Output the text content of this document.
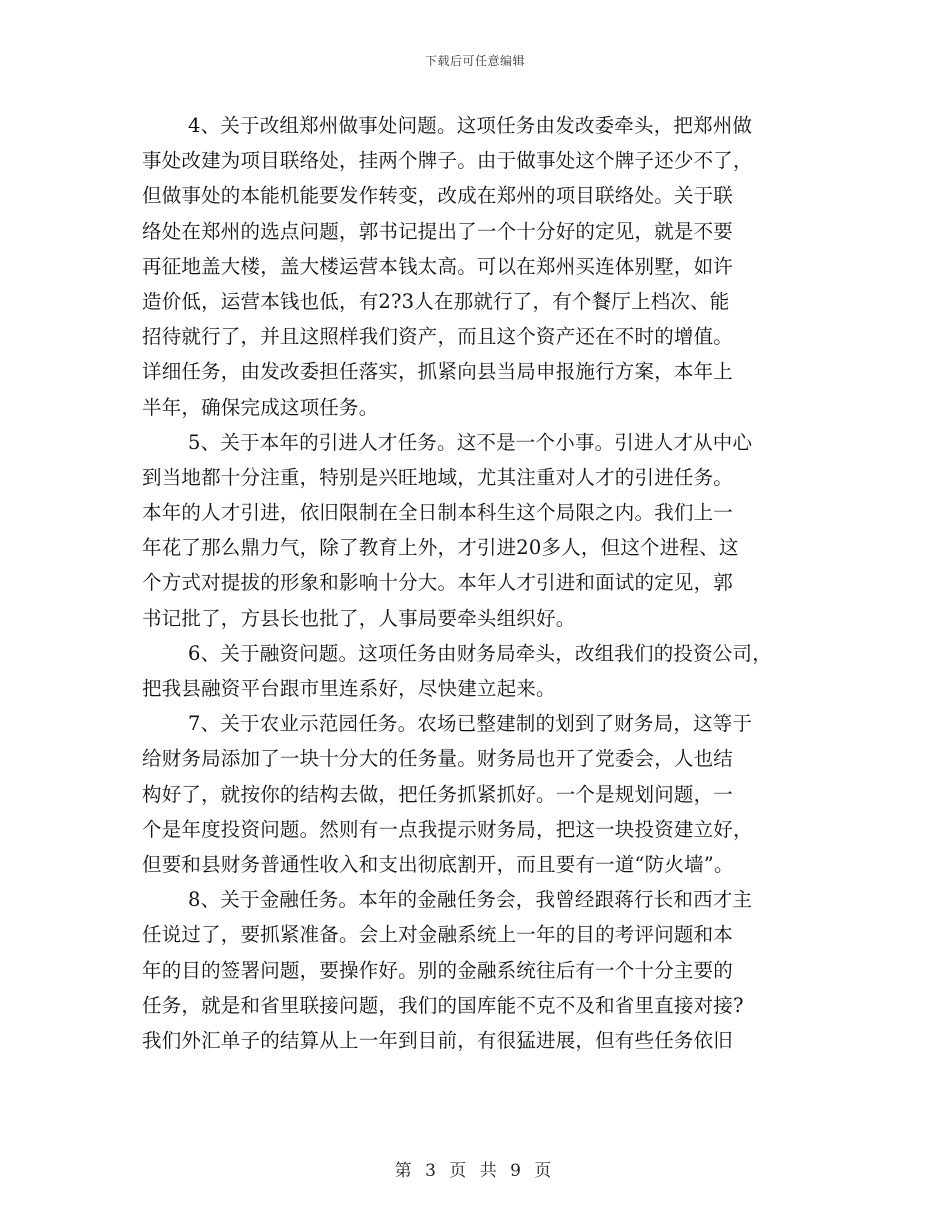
下载后可任意编辑

4、关于改组郑州做事处问题。这项任务由发改委牵头，把郑州做
事处改建为项目联络处，挂两个牌子。由于做事处这个牌子还少不了，
但做事处的本能机能要发作转变，改成在郑州的项目联络处。关于联
络处在郑州的选点问题，郭书记提出了一个十分好的定见，就是不要
再征地盖大楼，盖大楼运营本钱太高。可以在郑州买连体别墅，如许
造价低，运营本钱也低，有2?3人在那就行了，有个餐厅上档次、能
招待就行了，并且这照样我们资产，而且这个资产还在不时的增值。
详细任务，由发改委担任落实，抓紧向县当局申报施行方案，本年上
半年，确保完成这项任务。

5、关于本年的引进人才任务。这不是一个小事。引进人才从中心
到当地都十分注重，特别是兴旺地域，尤其注重对人才的引进任务。
本年的人才引进，依旧限制在全日制本科生这个局限之内。我们上一
年花了那么鼎力气，除了教育上外，才引进20多人，但这个进程、这
个方式对提拔的形象和影响十分大。本年人才引进和面试的定见，郭
书记批了，方县长也批了，人事局要牵头组织好。

6、关于融资问题。这项任务由财务局牵头，改组我们的投资公司，
把我县融资平台跟市里连系好，尽快建立起来。

7、关于农业示范园任务。农场已整建制的划到了财务局，这等于
给财务局添加了一块十分大的任务量。财务局也开了党委会，人也结
构好了，就按你的结构去做，把任务抓紧抓好。一个是规划问题，一
个是年度投资问题。然则有一点我提示财务局，把这一块投资建立好，
但要和县财务普通性收入和支出彻底割开，而且要有一道“防火墙”。

8、关于金融任务。本年的金融任务会，我曾经跟蒋行长和西才主
任说过了，要抓紧准备。会上对金融系统上一年的目的考评问题和本
年的目的签署问题，要操作好。别的金融系统往后有一个十分主要的
任务，就是和省里联接问题，我们的国库能不克不及和省里直接对接?
我们外汇单子的结算从上一年到目前，有很猛进展，但有些任务依旧

第 3 页 共 9 页
